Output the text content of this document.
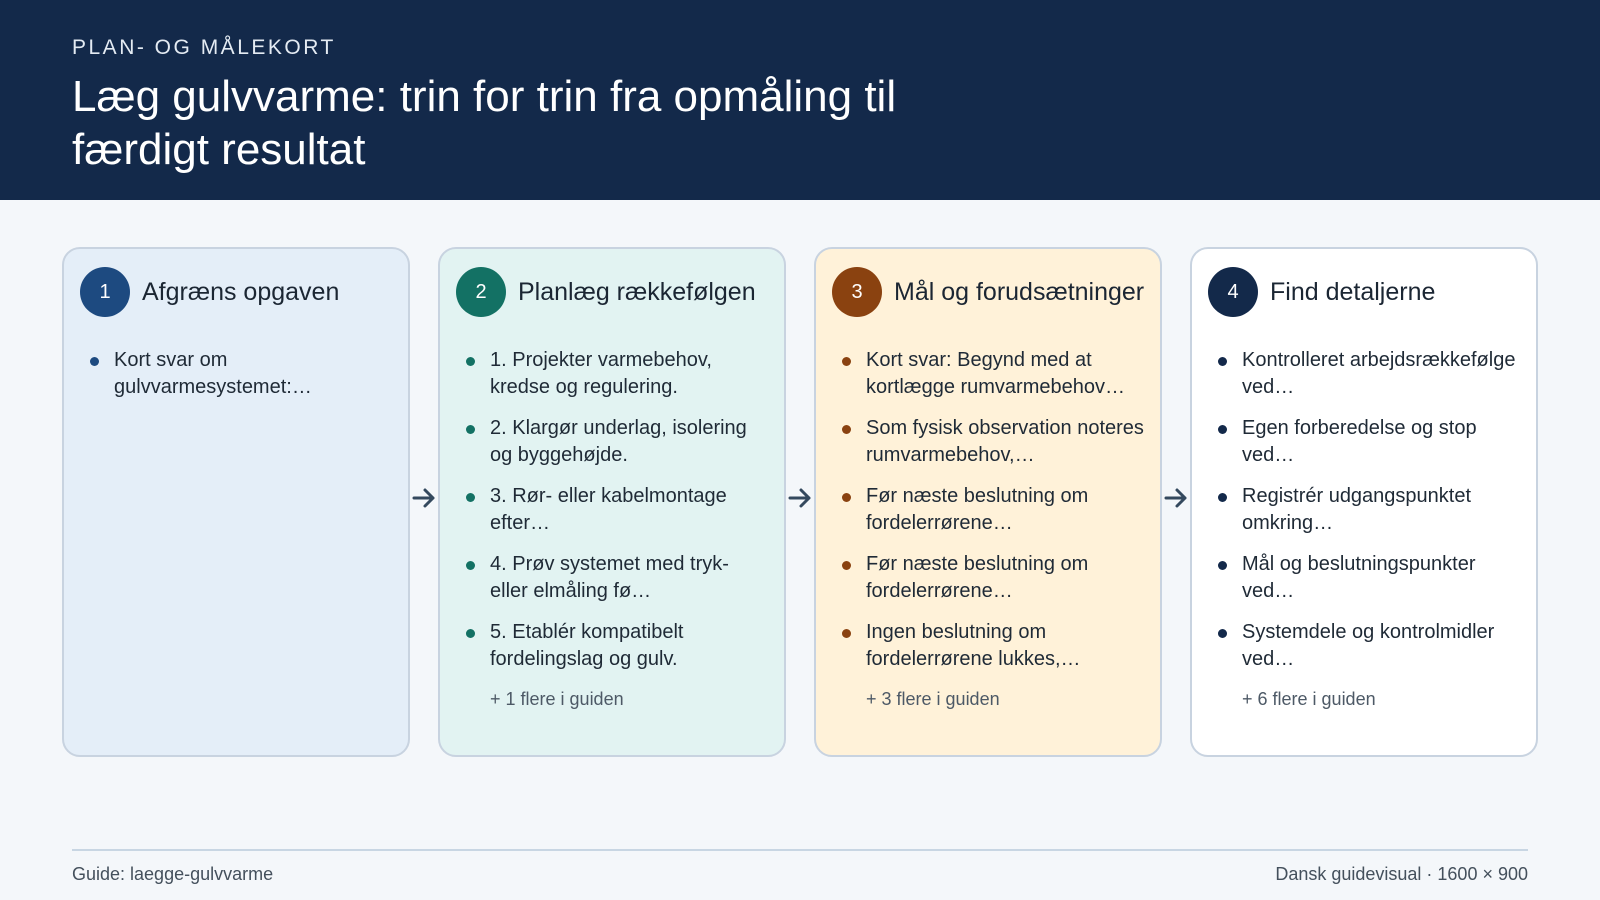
PLAN- OG MÅLEKORT
Læg gulvvarme: trin for trin fra opmåling til færdigt resultat
1	Afgræns opgaven
Kort svar om gulvvarmesystemet:…
2	Planlæg rækkefølgen
1. Projekter varmebehov, kredse og regulering.
2. Klargør underlag, isolering og byggehøjde.
3. Rør- eller kabelmontage efter…
4. Prøv systemet med tryk- eller elmåling fø…
5. Etablér kompatibelt fordelingslag og gulv.
+ 1 flere i guiden
3	Mål og forudsætninger
Kort svar: Begynd med at kortlægge rumvarmebehov…
Som fysisk observation noteres rumvarmebehov,…
Før næste beslutning om fordelerrørene…
Før næste beslutning om fordelerrørene…
Ingen beslutning om fordelerrørene lukkes,…
+ 3 flere i guiden
4	Find detaljerne
Kontrolleret arbejdsrækkefølge ved…
Egen forberedelse og stop ved…
Registrér udgangspunktet omkring…
Mål og beslutningspunkter ved…
Systemdele og kontrolmidler ved…
+ 6 flere i guiden
Guide: laegge-gulvvarme	Dansk guidevisual · 1600 × 900
